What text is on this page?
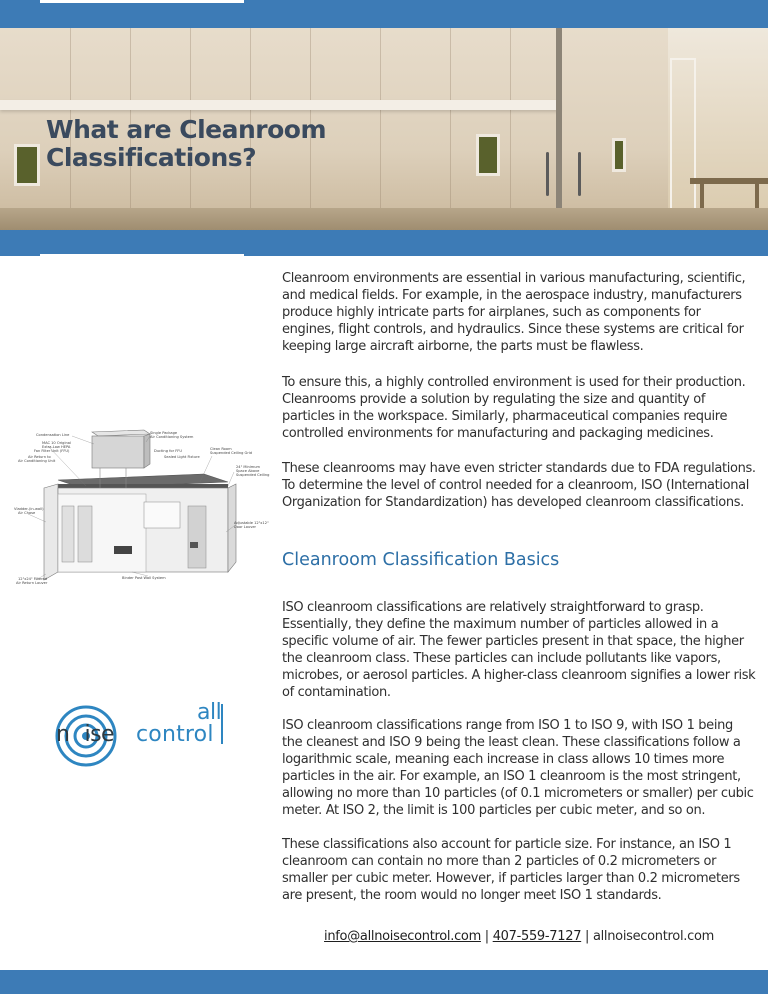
What are Cleanroom
Classifications?
Condensation Line
MAC 10 Original
Extra-Low HEPA
Fan Filter Unit (FFU)
Air Return to
Air Conditioning Unit
Single Package
Air Conditioning System
Ducting for FFU
Sealed Light Fixture
Clean Room
Suspended Ceiling Grid
24" Minimum
Space Above
Suspended Ceiling
Vladder-(in-wall)
Air Chase
Adjustable 12"x12"
Door Louver
12"x24" Filtered
Air Return Louver
Binder Post Wall System
n ise control
all

Cleanroom environments are essential in various manufacturing, scientific, and medical fields. For example, in the aerospace industry, manufacturers produce highly intricate parts for airplanes, such as components for engines, flight controls, and hydraulics. Since these systems are critical for keeping large aircraft airborne, the parts must be flawless.

To ensure this, a highly controlled environment is used for their production. Cleanrooms provide a solution by regulating the size and quantity of particles in the workspace. Similarly, pharmaceutical companies require controlled environments for manufacturing and packaging medicines.

These cleanrooms may have even stricter standards due to FDA regulations. To determine the level of control needed for a cleanroom, ISO (International Organization for Standardization) has developed cleanroom classifications.

Cleanroom Classification Basics

ISO cleanroom classifications are relatively straightforward to grasp. Essentially, they define the maximum number of particles allowed in a specific volume of air. The fewer particles present in that space, the higher the cleanroom class. These particles can include pollutants like vapors, microbes, or aerosol particles. A higher-class cleanroom signifies a lower risk of contamination.

ISO cleanroom classifications range from ISO 1 to ISO 9, with ISO 1 being the cleanest and ISO 9 being the least clean. These classifications follow a logarithmic scale, meaning each increase in class allows 10 times more particles in the air. For example, an ISO 1 cleanroom is the most stringent, allowing no more than 10 particles (of 0.1 micrometers or smaller) per cubic meter. At ISO 2, the limit is 100 particles per cubic meter, and so on.

These classifications also account for particle size. For instance, an ISO 1 cleanroom can contain no more than 2 particles of 0.2 micrometers or smaller per cubic meter. However, if particles larger than 0.2 micrometers are present, the room would no longer meet ISO 1 standards.

info@allnoisecontrol.com | 407-559-7127 | allnoisecontrol.com
